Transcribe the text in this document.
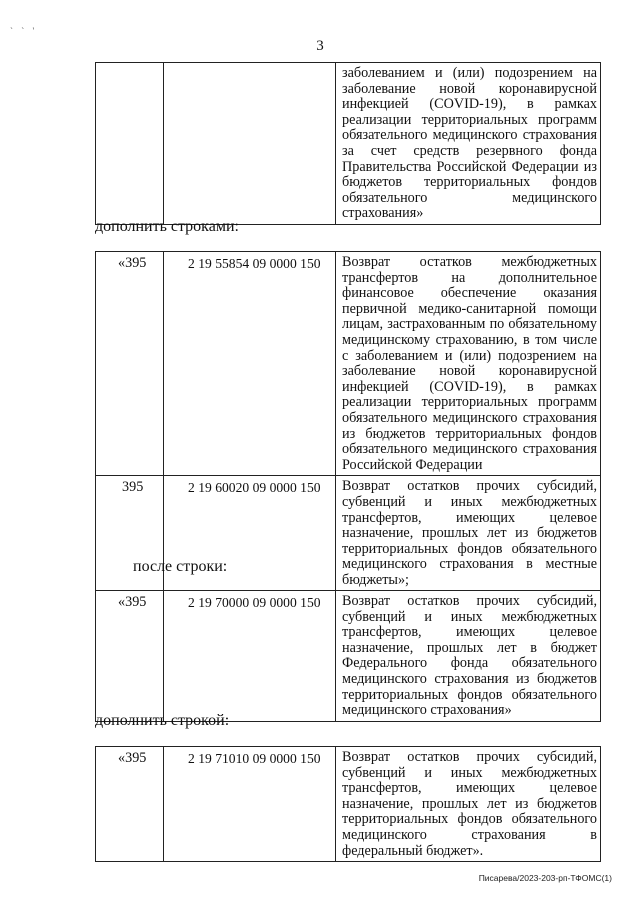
` ` '
3
		заболеванием и (или) подозрением на заболевание новой коронавирусной инфекцией (COVID-19), в рамках реализации территориальных программ обязательного медицинского страхования за счет средств резервного фонда Правительства Российской Федерации из бюджетов территориальных фондов обязательного медицинского страхования»
дополнить строками:
«395	2 19 55854 09 0000 150	Возврат остатков межбюджетных трансфертов на дополнительное финансовое обеспечение оказания первичной медико-санитарной помощи лицам, застрахованным по обязательному медицинскому страхованию, в том числе с заболеванием и (или) подозрением на заболевание новой коронавирусной инфекцией (COVID-19), в рамках реализации территориальных программ обязательного медицинского страхования из бюджетов территориальных фондов обязательного медицинского страхования Российской Федерации
395	2 19 60020 09 0000 150	Возврат остатков прочих субсидий, субвенций и иных межбюджетных трансфертов, имеющих целевое назначение, прошлых лет из бюджетов территориальных фондов обязательного медицинского страхования в местные бюджеты»;
после строки:
«395	2 19 70000 09 0000 150	Возврат остатков прочих субсидий, субвенций и иных межбюджетных трансфертов, имеющих целевое назначение, прошлых лет в бюджет Федерального фонда обязательного медицинского страхования из бюджетов территориальных фондов обязательного медицинского страхования»
дополнить строкой:
«395	2 19 71010 09 0000 150	Возврат остатков прочих субсидий, субвенций и иных межбюджетных трансфертов, имеющих целевое назначение, прошлых лет из бюджетов территориальных фондов обязательного медицинского страхования в федеральный бюджет».
Писарева/2023-203-рп-ТФОМС(1)
